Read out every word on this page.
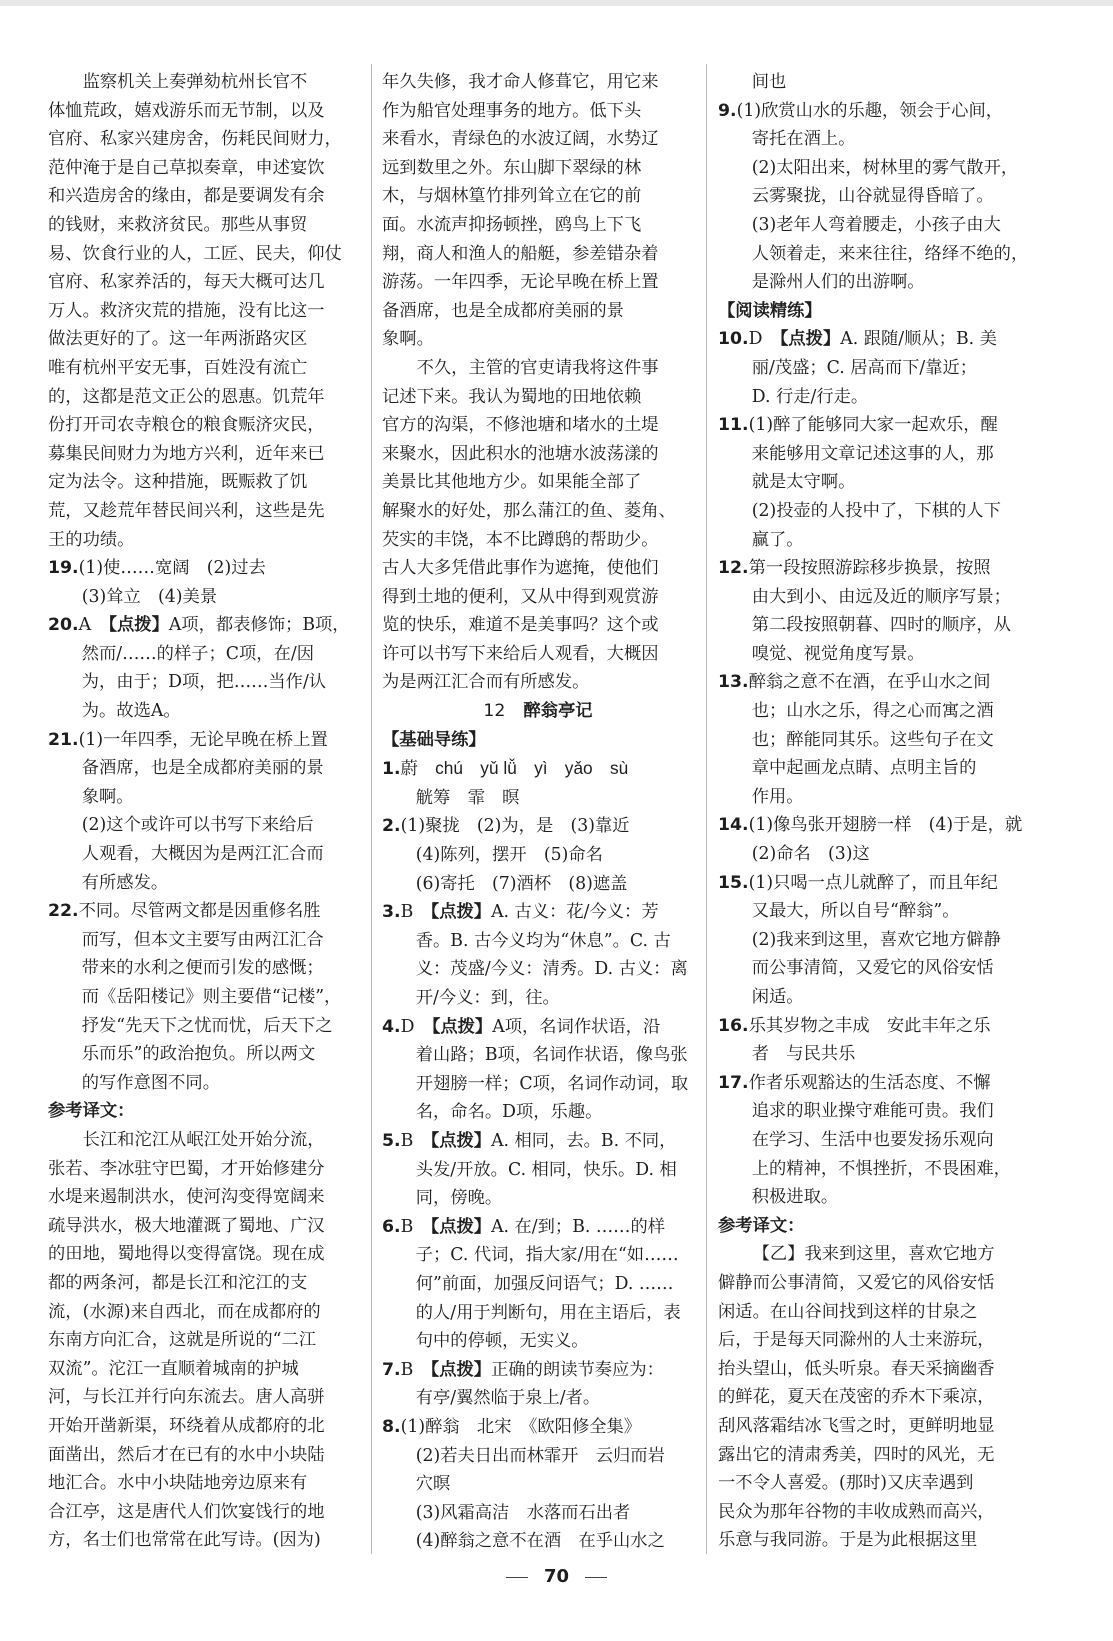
监察机关上奏弹劾杭州长官不
体恤荒政，嬉戏游乐而无节制，以及
官府、私家兴建房舍，伤耗民间财力，
范仲淹于是自己草拟奏章，申述宴饮
和兴造房舍的缘由，都是要调发有余
的钱财，来救济贫民。那些从事贸
易、饮食行业的人，工匠、民夫，仰仗
官府、私家养活的，每天大概可达几
万人。救济灾荒的措施，没有比这一
做法更好的了。这一年两浙路灾区
唯有杭州平安无事，百姓没有流亡
的，这都是范文正公的恩惠。饥荒年
份打开司农寺粮仓的粮食赈济灾民，
募集民间财力为地方兴利，近年来已
定为法令。这种措施，既赈救了饥
荒，又趁荒年替民间兴利，这些是先
王的功绩。
19.(1)使……宽阔　(2)过去
(3)耸立　(4)美景
20.A　【点拨】A项，都表修饰；B项，
然而/……的样子；C项，在/因
为，由于；D项，把……当作/认
为。故选A。
21.(1)一年四季，无论早晚在桥上置
备酒席，也是全成都府美丽的景
象啊。
(2)这个或许可以书写下来给后
人观看，大概因为是两江汇合而
有所感发。
22.不同。尽管两文都是因重修名胜
而写，但本文主要写由两江汇合
带来的水利之便而引发的感慨；
而《岳阳楼记》则主要借“记楼”，
抒发“先天下之忧而忧，后天下之
乐而乐”的政治抱负。所以两文
的写作意图不同。
参考译文：
长江和沱江从岷江处开始分流，
张若、李冰驻守巴蜀，才开始修建分
水堤来遏制洪水，使河沟变得宽阔来
疏导洪水，极大地灌溉了蜀地、广汉
的田地，蜀地得以变得富饶。现在成
都的两条河，都是长江和沱江的支
流，(水源)来自西北，而在成都府的
东南方向汇合，这就是所说的“二江
双流”。沱江一直顺着城南的护城
河，与长江并行向东流去。唐人高骈
开始开凿新渠，环绕着从成都府的北
面凿出，然后才在已有的水中小块陆
地汇合。水中小块陆地旁边原来有
合江亭，这是唐代人们饮宴饯行的地
方，名士们也常常在此写诗。(因为)
年久失修，我才命人修葺它，用它来
作为船官处理事务的地方。低下头
来看水，青绿色的水波辽阔，水势辽
远到数里之外。东山脚下翠绿的林
木，与烟林篁竹排列耸立在它的前
面。水流声抑扬顿挫，鸥鸟上下飞
翔，商人和渔人的船艇，参差错杂着
游荡。一年四季，无论早晚在桥上置
备酒席，也是全成都府美丽的景
象啊。
不久，主管的官吏请我将这件事
记述下来。我认为蜀地的田地依赖
官方的沟渠，不修池塘和堵水的土堤
来聚水，因此积水的池塘水波荡漾的
美景比其他地方少。如果能全部了
解聚水的好处，那么蒲江的鱼、菱角、
芡实的丰饶，本不比蹲鸱的帮助少。
古人大多凭借此事作为遮掩，使他们
得到土地的便利，又从中得到观赏游
览的快乐，难道不是美事吗？这个或
许可以书写下来给后人观看，大概因
为是两江汇合而有所感发。
12 醉翁亭记
【基础导练】
1.蔚　chú　yǔ lǚ　yì　yǎo　sù
觥筹　霏　暝
2.(1)聚拢　(2)为，是　(3)靠近
(4)陈列，摆开　(5)命名
(6)寄托　(7)酒杯　(8)遮盖
3.B　【点拨】A. 古义：花/今义：芳
香。B. 古今义均为“休息”。C. 古
义：茂盛/今义：清秀。D. 古义：离
开/今义：到，往。
4.D　【点拨】A项，名词作状语，沿
着山路；B项，名词作状语，像鸟张
开翅膀一样；C项，名词作动词，取
名，命名。D项，乐趣。
5.B　【点拨】A. 相同，去。B. 不同，
头发/开放。C. 相同，快乐。D. 相
同，傍晚。
6.B　【点拨】A. 在/到；B. ……的样
子；C. 代词，指大家/用在“如……
何”前面，加强反问语气；D. ……
的人/用于判断句，用在主语后，表
句中的停顿，无实义。
7.B　【点拨】正确的朗读节奏应为：
有亭/翼然临于泉上/者。
8.(1)醉翁　北宋　《欧阳修全集》
(2)若夫日出而林霏开　云归而岩
穴暝
(3)风霜高洁　水落而石出者
(4)醉翁之意不在酒　在乎山水之
间也
9.(1)欣赏山水的乐趣，领会于心间，
寄托在酒上。
(2)太阳出来，树林里的雾气散开，
云雾聚拢，山谷就显得昏暗了。
(3)老年人弯着腰走，小孩子由大
人领着走，来来往往，络绎不绝的，
是滁州人们的出游啊。
【阅读精练】
10.D　【点拨】A. 跟随/顺从；B. 美
丽/茂盛；C. 居高而下/靠近；
D. 行走/行走。
11.(1)醉了能够同大家一起欢乐，醒
来能够用文章记述这事的人，那
就是太守啊。
(2)投壶的人投中了，下棋的人下
赢了。
12.第一段按照游踪移步换景，按照
由大到小、由远及近的顺序写景；
第二段按照朝暮、四时的顺序，从
嗅觉、视觉角度写景。
13.醉翁之意不在酒，在乎山水之间
也；山水之乐，得之心而寓之酒
也；醉能同其乐。这些句子在文
章中起画龙点睛、点明主旨的
作用。
14.(1)像鸟张开翅膀一样　(4)于是，就
(2)命名　(3)这
15.(1)只喝一点儿就醉了，而且年纪
又最大，所以自号“醉翁”。
(2)我来到这里，喜欢它地方僻静
而公事清简，又爱它的风俗安恬
闲适。
16.乐其岁物之丰成　安此丰年之乐
者　与民共乐
17.作者乐观豁达的生活态度、不懈
追求的职业操守难能可贵。我们
在学习、生活中也要发扬乐观向
上的精神，不惧挫折，不畏困难，
积极进取。
参考译文：
【乙】我来到这里，喜欢它地方
僻静而公事清简，又爱它的风俗安恬
闲适。在山谷间找到这样的甘泉之
后，于是每天同滁州的人士来游玩，
抬头望山，低头听泉。春天采摘幽香
的鲜花，夏天在茂密的乔木下乘凉，
刮风落霜结冰飞雪之时，更鲜明地显
露出它的清肃秀美，四时的风光，无
一不令人喜爱。(那时)又庆幸遇到
民众为那年谷物的丰收成熟而高兴，
乐意与我同游。于是为此根据这里
70
